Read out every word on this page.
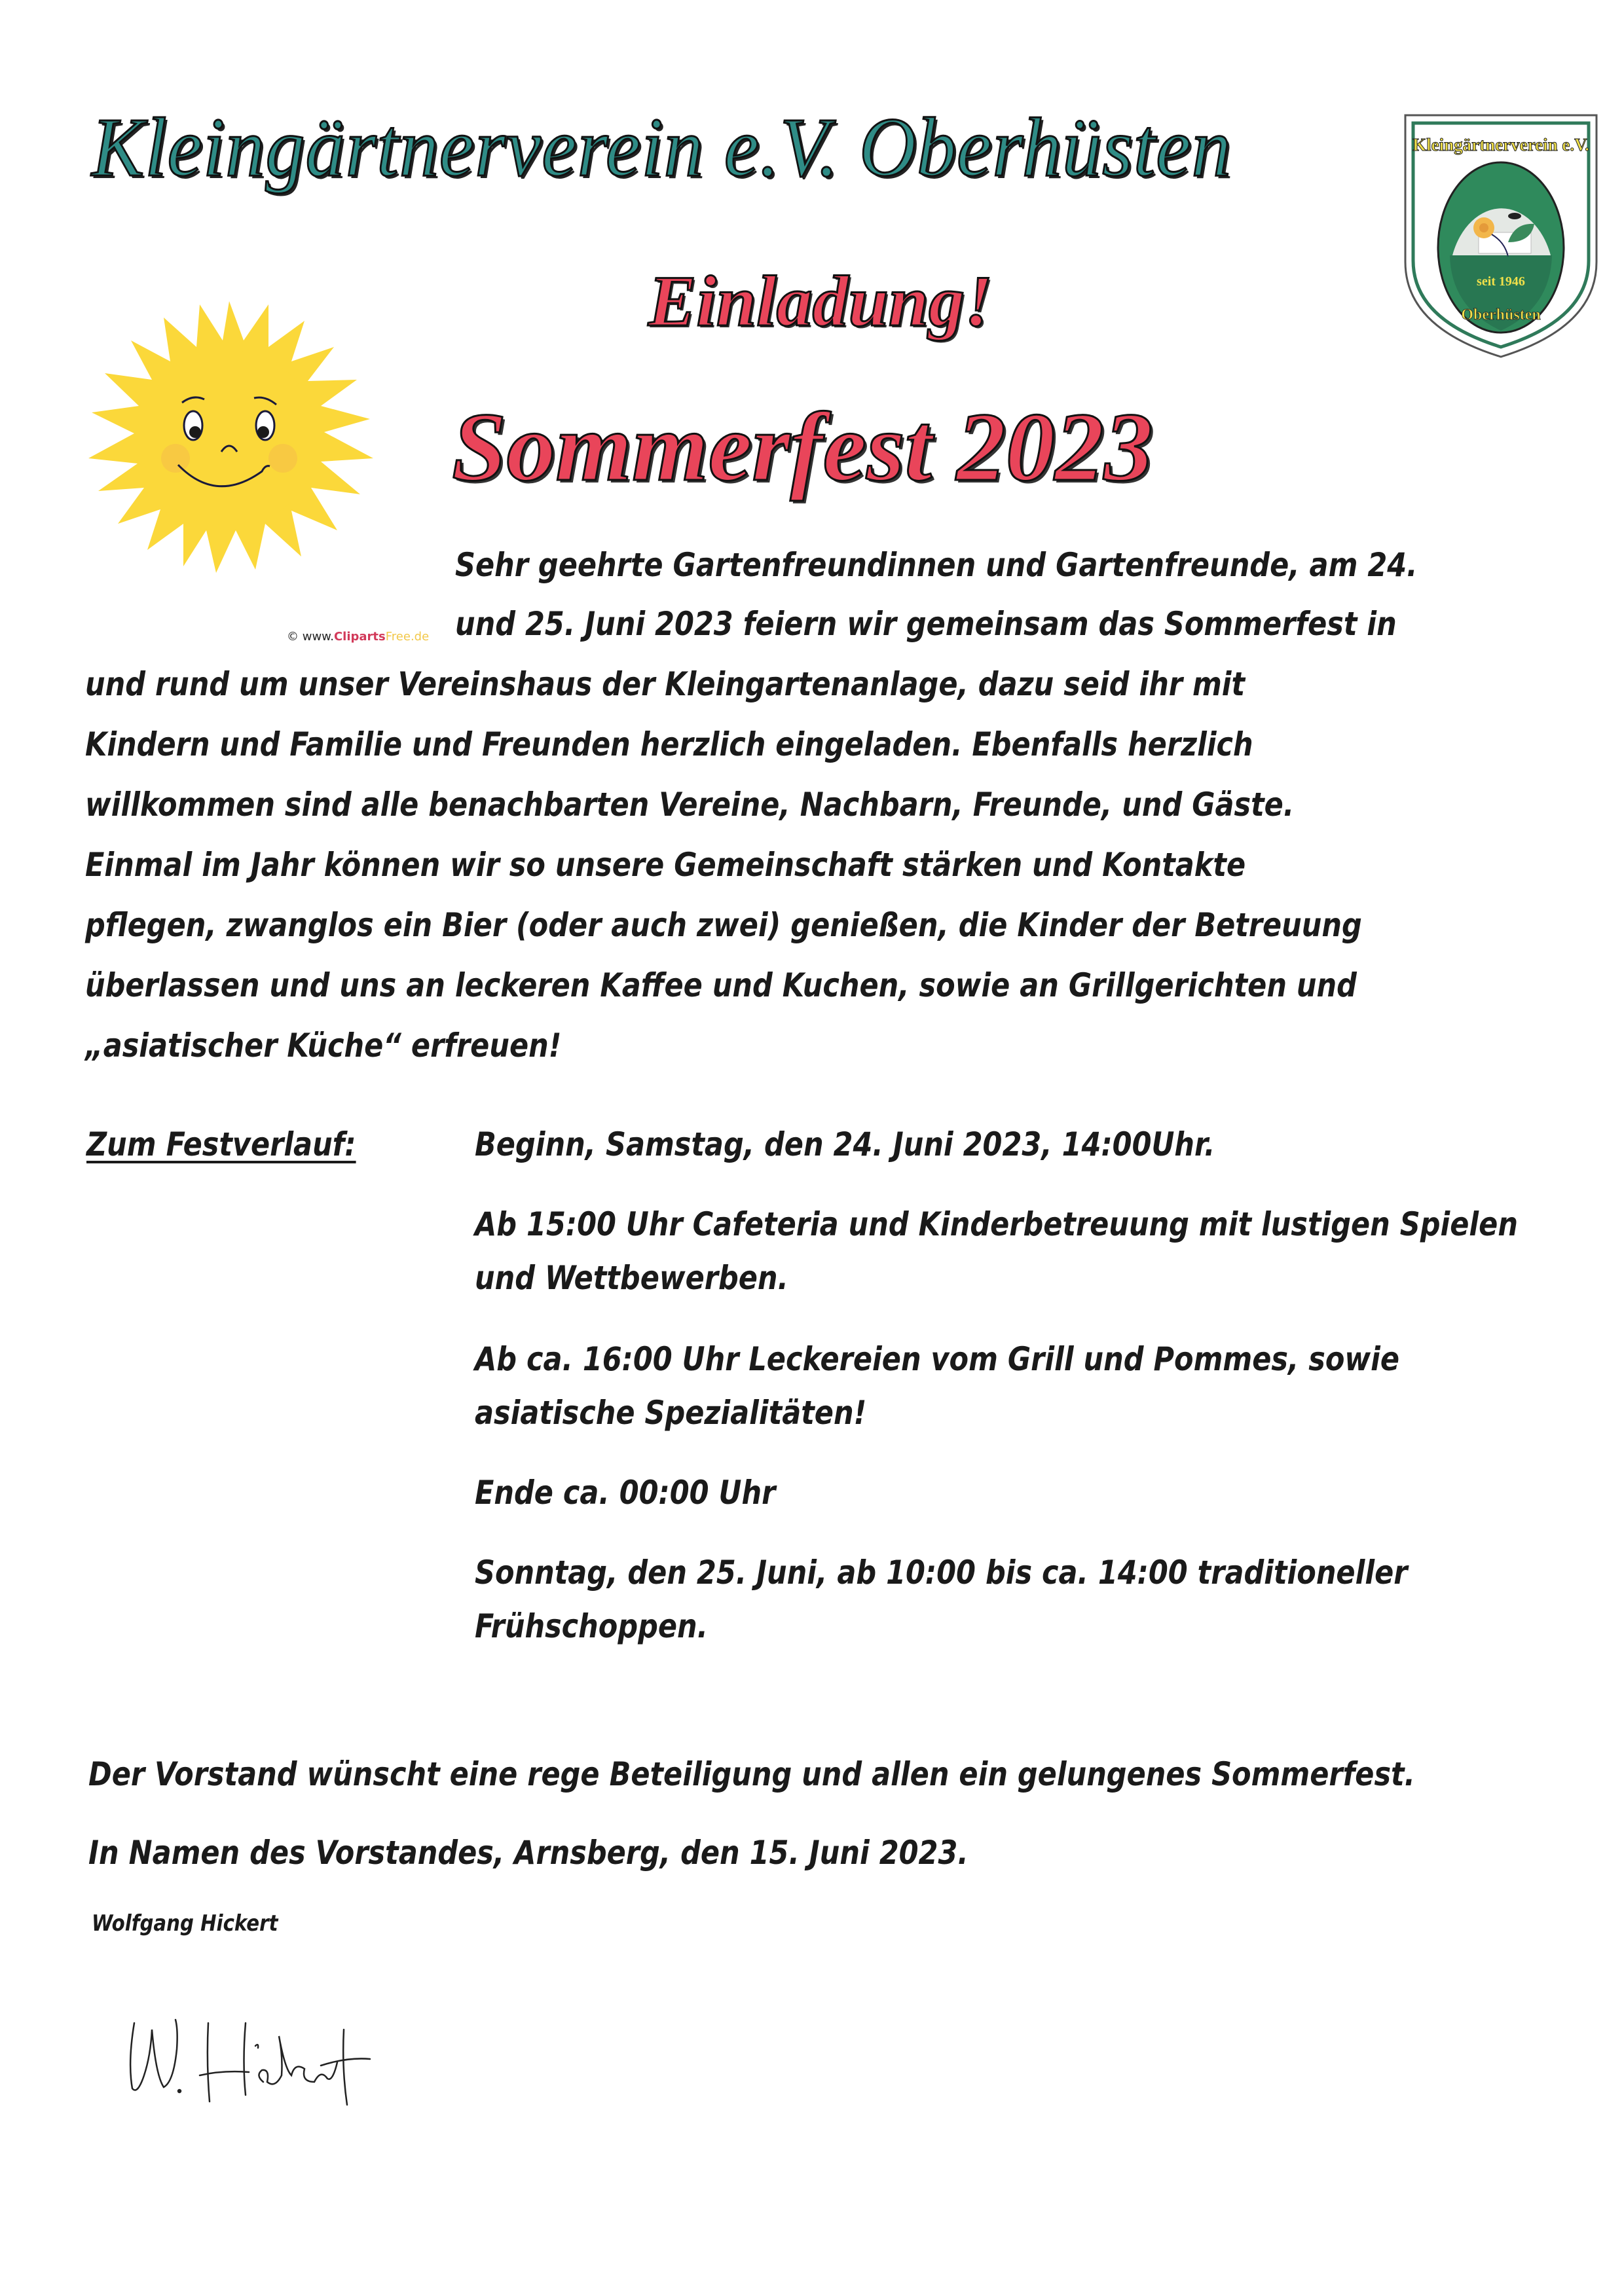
Kleingärtnerverein e.V. Oberhüsten
Einladung!
Sommerfest 2023
Kleingärtnerverein e.V.
seit 1946
Oberhüsten
© www.ClipartsFree.de
Sehr geehrte Gartenfreundinnen und Gartenfreunde, am 24.
und 25. Juni 2023 feiern wir gemeinsam das Sommerfest in
und rund um unser Vereinshaus der Kleingartenanlage, dazu seid ihr mit
Kindern und Familie und Freunden herzlich eingeladen. Ebenfalls herzlich
willkommen sind alle benachbarten Vereine, Nachbarn, Freunde, und Gäste.
Einmal im Jahr können wir so unsere Gemeinschaft stärken und Kontakte
pflegen, zwanglos ein Bier (oder auch zwei) genießen, die Kinder der Betreuung
überlassen und uns an leckeren Kaffee und Kuchen, sowie an Grillgerichten und
„asiatischer Küche“ erfreuen!
Zum Festverlauf:	Beginn, Samstag, den 24. Juni 2023, 14:00Uhr.
Ab 15:00 Uhr Cafeteria und Kinderbetreuung mit lustigen Spielen
und Wettbewerben.
Ab ca. 16:00 Uhr Leckereien vom Grill und Pommes, sowie
asiatische Spezialitäten!
Ende ca. 00:00 Uhr
Sonntag, den 25. Juni, ab 10:00 bis ca. 14:00 traditioneller
Frühschoppen.
Der Vorstand wünscht eine rege Beteiligung und allen ein gelungenes Sommerfest.
In Namen des Vorstandes, Arnsberg, den 15. Juni 2023.
Wolfgang Hickert
